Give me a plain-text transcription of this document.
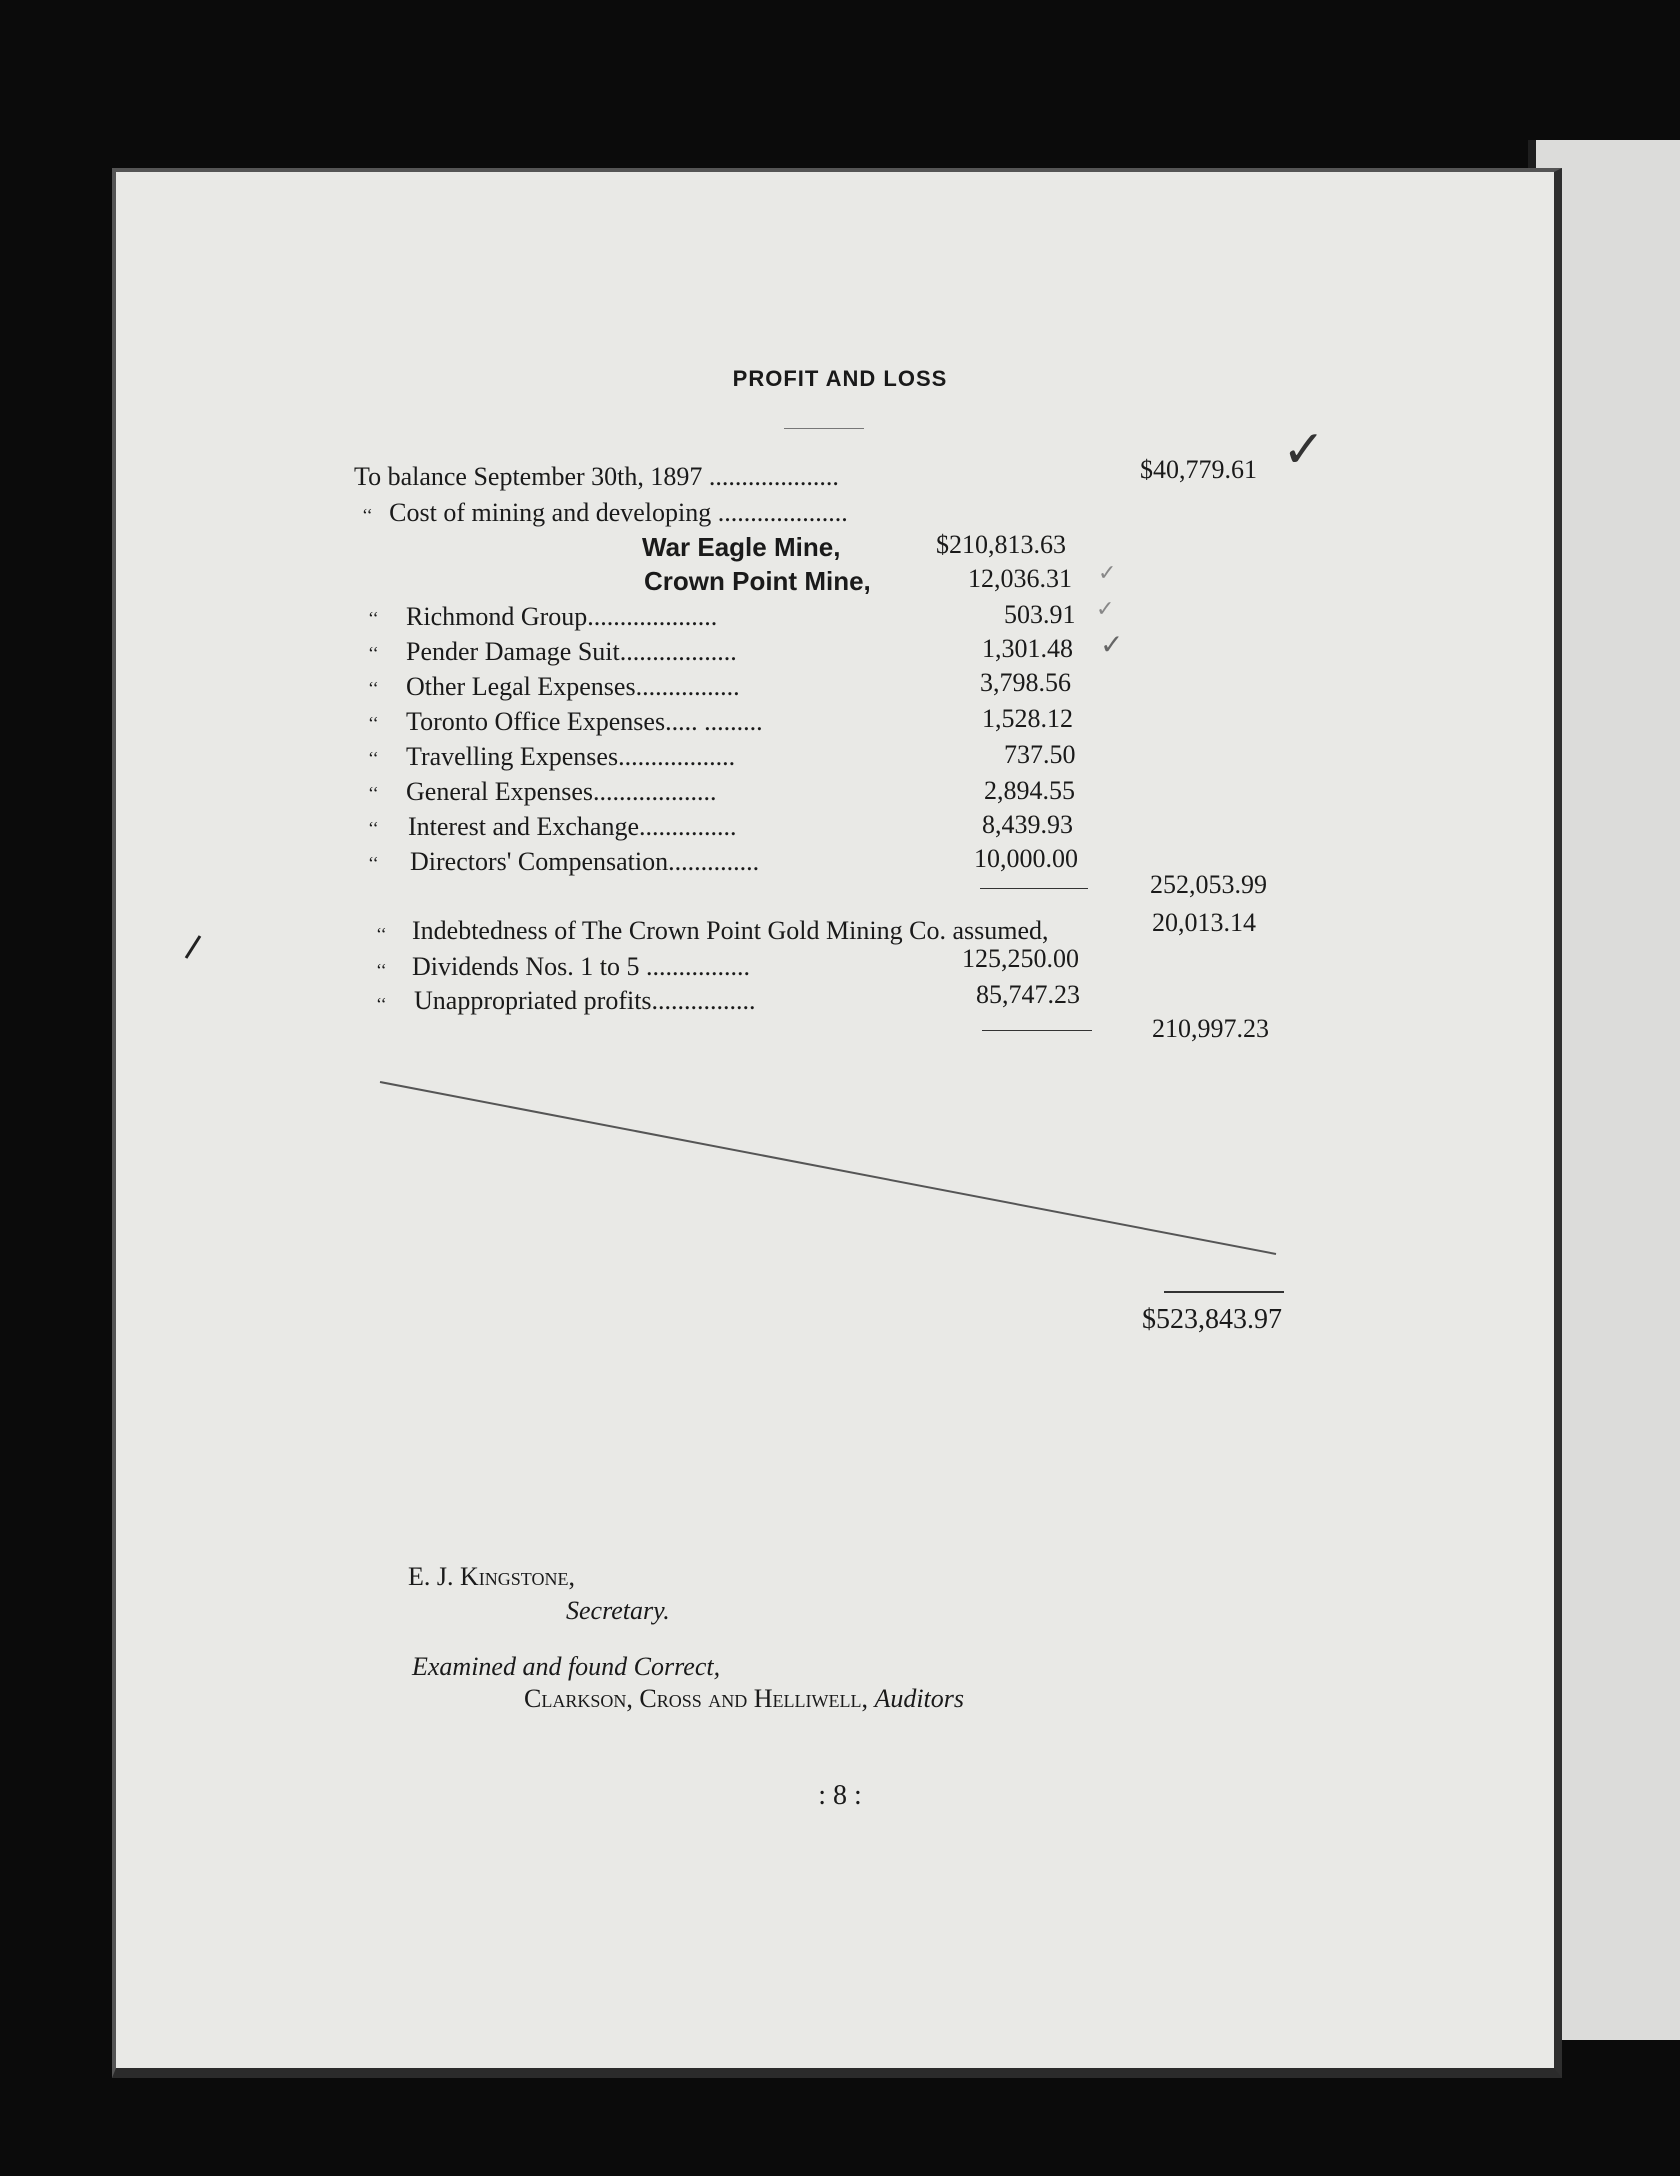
PROFIT AND LOSS
To balance September 30th, 1897 ....................	$40,779.61 ✓
‘‘ Cost of mining and developing ....................
War Eagle Mine,	$210,813.63
Crown Point Mine,	12,036.31 ✓
‘‘ Richmond Group....................	503.91 ✓
‘‘ Pender Damage Suit..................	1,301.48 ✓
‘‘ Other Legal Expenses................	3,798.56
‘‘ Toronto Office Expenses..... .........	1,528.12
‘‘ Travelling Expenses..................	737.50
‘‘ General Expenses...................	2,894.55
‘‘ Interest and Exchange...............	8,439.93
‘‘ Directors' Compensation..............	10,000.00
252,053.99
‘‘ Indebtedness of The Crown Point Gold Mining Co. assumed,	20,013.14
‘‘ Dividends Nos. 1 to 5 ................	125,250.00
‘‘ Unappropriated profits................	85,747.23
210,997.23
$523,843.97
E. J. Kingstone,
Secretary.
Examined and found Correct,
Clarkson, Cross and Helliwell, Auditors
: 8 :
